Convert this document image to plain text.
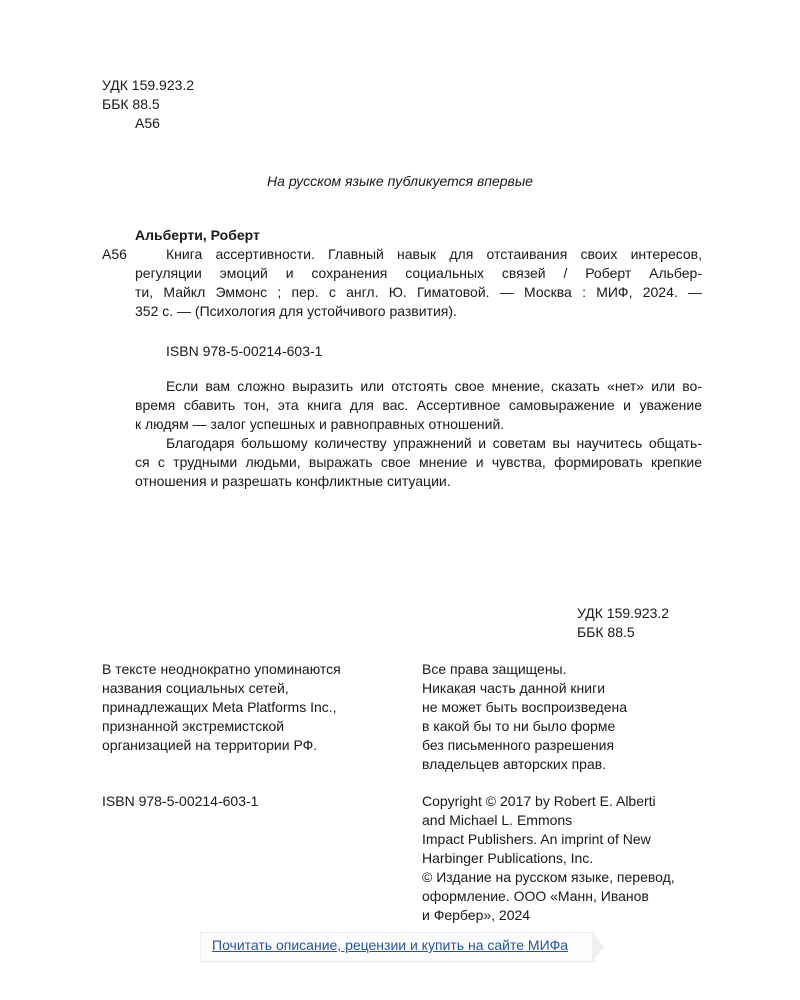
УДК 159.923.2

ББК 88.5

А56

На русском языке публикуется впервые

Альберти, Роберт

А56	Книга ассертивности. Главный навык для отстаивания своих интересов,
регуляции эмоций и сохранения социальных связей / Роберт Альбер-
ти, Майкл Эммонс ; пер. с англ. Ю. Гиматовой. — Москва : МИФ, 2024. —
352 с. — (Психология для устойчивого развития).

ISBN 978-5-00214-603-1

Если вам сложно выразить или отстоять свое мнение, сказать «нет» или во-
время сбавить тон, эта книга для вас. Ассертивное самовыражение и уважение
к людям — залог успешных и равноправных отношений.
Благодаря большому количеству упражнений и советам вы научитесь общать-
ся с трудными людьми, выражать свое мнение и чувства, формировать крепкие
отношения и разрешать конфликтные ситуации.

УДК 159.923.2

ББК 88.5

В тексте неоднократно упоминаются
названия социальных сетей,
принадлежащих Meta Platforms Inc.,
признанной экстремистской
организацией на территории РФ.
Все права защищены.
Никакая часть данной книги
не может быть воспроизведена
в какой бы то ни было форме
без письменного разрешения
владельцев авторских прав.

ISBN 978-5-00214-603-1	Copyright © 2017 by Robert E. Alberti
and Michael L. Emmons
Impact Publishers. An imprint of New
Harbinger Publications, Inc.
© Издание на русском языке, перевод,
оформление. ООО «Манн, Иванов
и Фербер», 2024
Почитать описание, рецензии и купить на сайте МИФа
